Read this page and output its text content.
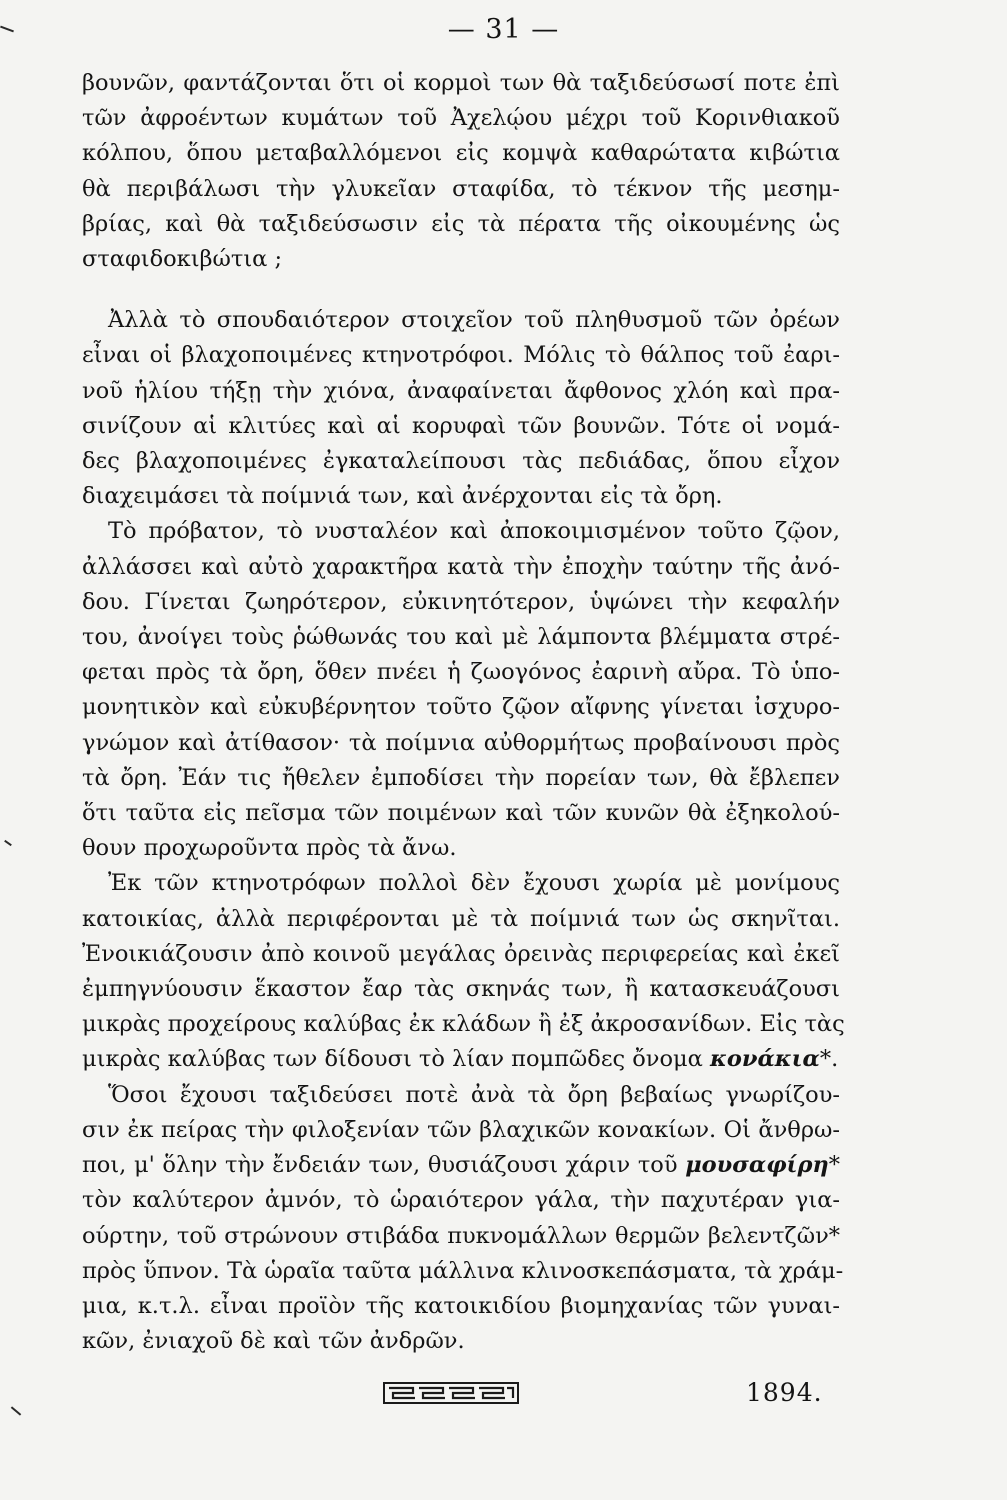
— 31 —

βουνῶν, φαντάζονται ὅτι οἱ κορμοὶ των θὰ ταξιδεύσωσί ποτε ἐπὶ
τῶν ἀφροέντων κυμάτων τοῦ Ἀχελῴου μέχρι τοῦ Κορινθιακοῦ
κόλπου, ὅπου μεταβαλλόμενοι εἰς κομψὰ καθαρώτατα κιβώτια
θὰ περιβάλωσι τὴν γλυκεῖαν σταφίδα, τὸ τέκνον τῆς μεσημ-
βρίας, καὶ θὰ ταξιδεύσωσιν εἰς τὰ πέρατα τῆς οἰκουμένης ὡς
σταφιδοκιβώτια ;

Ἀλλὰ τὸ σπουδαιότερον στοιχεῖον τοῦ πληθυσμοῦ τῶν ὀρέων
εἶναι οἱ βλαχοποιμένες κτηνοτρόφοι. Μόλις τὸ θάλπος τοῦ ἐαρι-
νοῦ ἡλίου τήξῃ τὴν χιόνα, ἀναφαίνεται ἄφθονος χλόη καὶ πρα-
σινίζουν αἱ κλιτύες καὶ αἱ κορυφαὶ τῶν βουνῶν. Τότε οἱ νομά-
δες βλαχοποιμένες ἐγκαταλείπουσι τὰς πεδιάδας, ὅπου εἶχον
διαχειμάσει τὰ ποίμνιά των, καὶ ἀνέρχονται εἰς τὰ ὄρη.

Τὸ πρόβατον, τὸ νυσταλέον καὶ ἀποκοιμισμένον τοῦτο ζῷον,
ἀλλάσσει καὶ αὐτὸ χαρακτῆρα κατὰ τὴν ἐποχὴν ταύτην τῆς ἀνό-
δου. Γίνεται ζωηρότερον, εὐκινητότερον, ὑψώνει τὴν κεφαλήν
του, ἀνοίγει τοὺς ῥώθωνάς του καὶ μὲ λάμποντα βλέμματα στρέ-
φεται πρὸς τὰ ὄρη, ὅθεν πνέει ἡ ζωογόνος ἐαρινὴ αὔρα. Τὸ ὑπο-
μονητικὸν καὶ εὐκυβέρνητον τοῦτο ζῷον αἴφνης γίνεται ἰσχυρο-
γνώμον καὶ ἀτίθασον· τὰ ποίμνια αὐθορμήτως προβαίνουσι πρὸς
τὰ ὄρη. Ἐάν τις ἤθελεν ἐμποδίσει τὴν πορείαν των, θὰ ἔβλεπεν
ὅτι ταῦτα εἰς πεῖσμα τῶν ποιμένων καὶ τῶν κυνῶν θὰ ἐξηκολού-
θουν προχωροῦντα πρὸς τὰ ἄνω.

Ἐκ τῶν κτηνοτρόφων πολλοὶ δὲν ἔχουσι χωρία μὲ μονίμους
κατοικίας, ἀλλὰ περιφέρονται μὲ τὰ ποίμνιά των ὡς σκηνῖται.
Ἐνοικιάζουσιν ἀπὸ κοινοῦ μεγάλας ὀρεινὰς περιφερείας καὶ ἐκεῖ
ἐμπηγνύουσιν ἕκαστον ἔαρ τὰς σκηνάς των, ἢ κατασκευάζουσι
μικρὰς προχείρους καλύβας ἐκ κλάδων ἢ ἐξ ἀκροσανίδων. Εἰς τὰς
μικρὰς καλύβας των δίδουσι τὸ λίαν πομπῶδες ὄνομα κονάκια*.

Ὅσοι ἔχουσι ταξιδεύσει ποτὲ ἀνὰ τὰ ὄρη βεβαίως γνωρίζου-
σιν ἐκ πείρας τὴν φιλοξενίαν τῶν βλαχικῶν κονακίων. Οἱ ἄνθρω-
ποι, μ' ὅλην τὴν ἔνδειάν των, θυσιάζουσι χάριν τοῦ μουσαφίρη*
τὸν καλύτερον ἀμνόν, τὸ ὡραιότερον γάλα, τὴν παχυτέραν για-
ούρτην, τοῦ στρώνουν στιβάδα πυκνομάλλων θερμῶν βελεντζῶν*
πρὸς ὕπνον. Τὰ ὡραῖα ταῦτα μάλλινα κλινοσκεπάσματα, τὰ χράμ-
μια, κ.τ.λ. εἶναι προϊὸν τῆς κατοικιδίου βιομηχανίας τῶν γυναι-
κῶν, ἐνιαχοῦ δὲ καὶ τῶν ἀνδρῶν.

1894.
